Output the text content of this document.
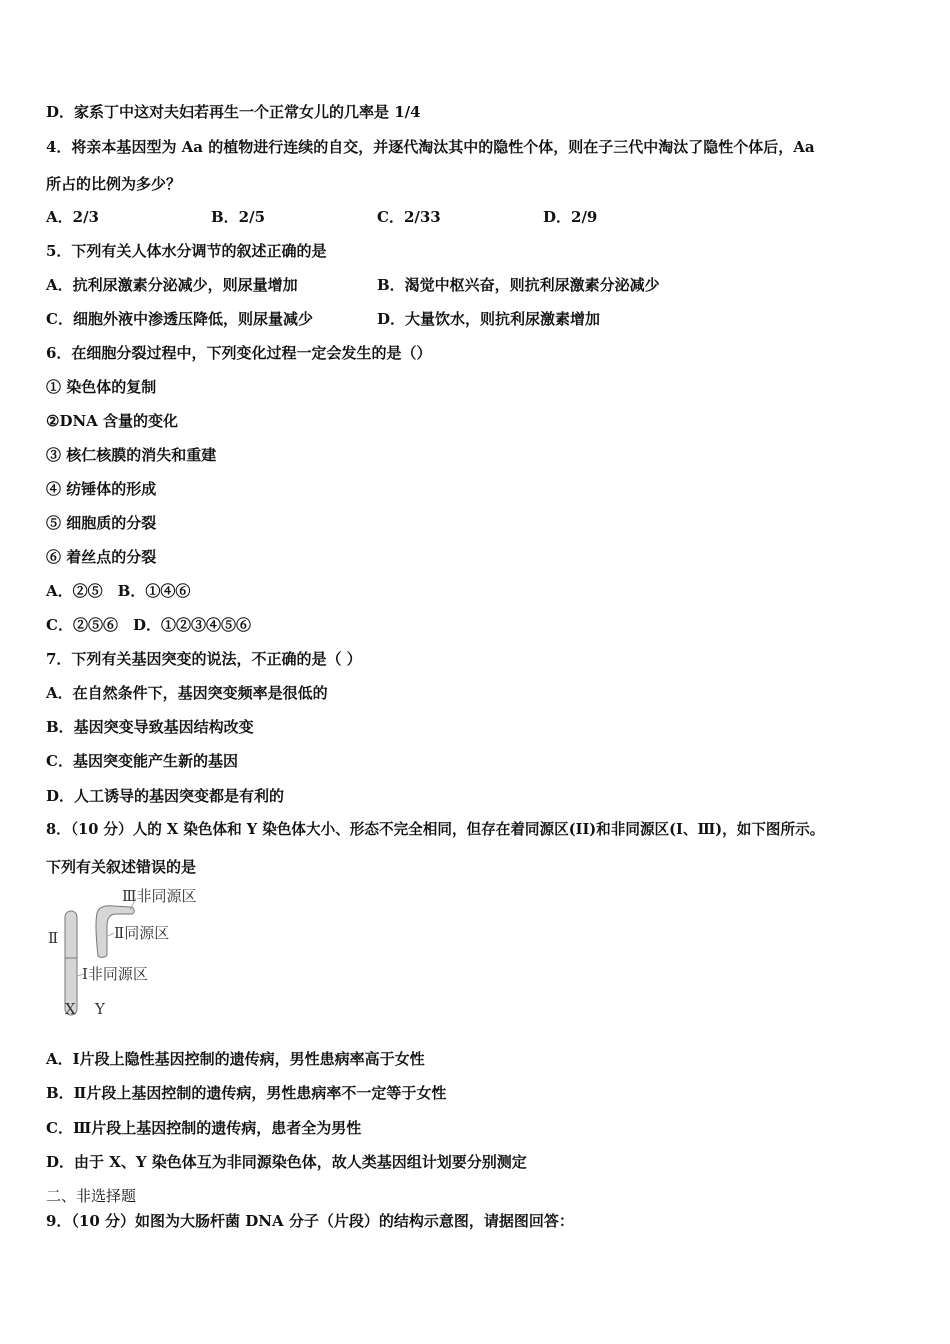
D．家系丁中这对夫妇若再生一个正常女儿的几率是 1/4
4．将亲本基因型为 Aa 的植物进行连续的自交，并逐代淘汰其中的隐性个体，则在子三代中淘汰了隐性个体后，Aa
所占的比例为多少？
A．2/3	B．2/5	C．2/33	D．2/9
5．下列有关人体水分调节的叙述正确的是
A．抗利尿激素分泌减少，则尿量增加	B．渴觉中枢兴奋，则抗利尿激素分泌减少
C．细胞外液中渗透压降低，则尿量减少	D．大量饮水，则抗利尿激素增加
6．在细胞分裂过程中，下列变化过程一定会发生的是（）
① 染色体的复制
②DNA 含量的变化
③ 核仁核膜的消失和重建
④ 纺锤体的形成
⑤ 细胞质的分裂
⑥ 着丝点的分裂
A．②⑤　B．①④⑥
C．②⑤⑥　D．①②③④⑤⑥
7．下列有关基因突变的说法，不正确的是（ ）
A．在自然条件下，基因突变频率是很低的
B．基因突变导致基因结构改变
C．基因突变能产生新的基因
D．人工诱导的基因突变都是有利的
8．（10 分）人的 X 染色体和 Y 染色体大小、形态不完全相同，但存在着同源区(II)和非同源区(I、Ⅲ)，如下图所示。
下列有关叙述错误的是
Ⅲ非同源区
Ⅱ同源区
Ⅱ
Ⅰ非同源区
X Y
A．Ⅰ片段上隐性基因控制的遗传病，男性患病率高于女性
B．Ⅱ片段上基因控制的遗传病，男性患病率不一定等于女性
C．Ⅲ片段上基因控制的遗传病，患者全为男性
D．由于 X、Y 染色体互为非同源染色体，故人类基因组计划要分别测定
二、非选择题
9．（10 分）如图为大肠杆菌 DNA 分子（片段）的结构示意图，请据图回答：
